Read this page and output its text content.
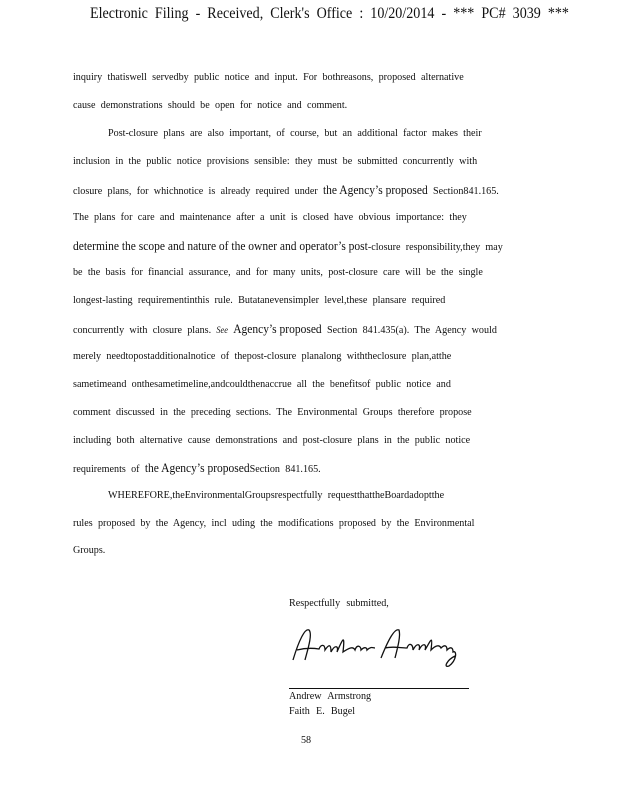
Electronic Filing - Received, Clerk's Office : 10/20/2014 - *** PC# 3039 ***
inquiry thatiswell servedby public notice and input. For bothreasons, proposed alternative
cause demonstrations should be open for notice and comment.
Post-closure plans are also important, of course, but an additional factor makes their
inclusion in the public notice provisions sensible: they must be submitted concurrently with
closure plans, for whichnotice is already required under the Agency’s proposed Section841.165.
The plans for care and maintenance after a unit is closed have obvious importance: they
determine the scope and nature of the owner and operator’s post-closure responsibility,they may
be the basis for financial assurance, and for many units, post-closure care will be the single
longest-lasting requirementinthis rule. Butatanevensimpler level,these plansare required
concurrently with closure plans. See Agency’s proposed Section 841.435(a). The Agency would
merely needtopostadditionalnotice of thepost-closure planalong withtheclosure plan,atthe
sametimeand onthesametimeline,andcouldthenaccrue all the benefitsof public notice and
comment discussed in the preceding sections. The Environmental Groups therefore propose
including both alternative cause demonstrations and post-closure plans in the public notice
requirements of the Agency’s proposedSection 841.165.
WHEREFORE,theEnvironmentalGroupsrespectfully requestthattheBoardadoptthe
rules proposed by the Agency, incl uding the modifications proposed by the Environmental
Groups.
Respectfully submitted,
Andrew Armstrong
Faith E. Bugel
58
